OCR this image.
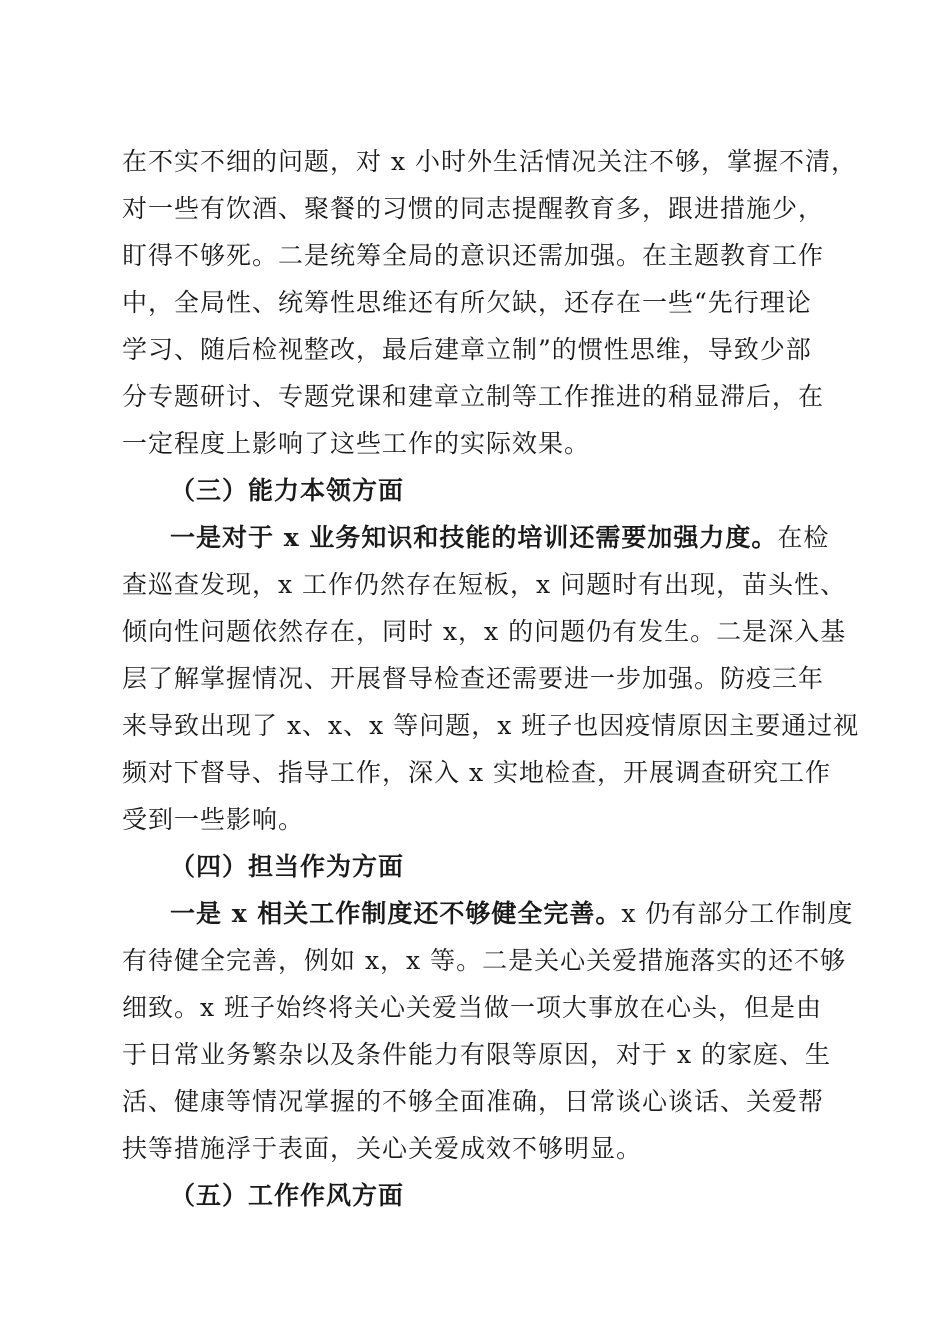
在不实不细的问题，对 x 小时外生活情况关注不够，掌握不清，
对一些有饮酒、聚餐的习惯的同志提醒教育多，跟进措施少，
盯得不够死。二是统筹全局的意识还需加强。在主题教育工作
中，全局性、统筹性思维还有所欠缺，还存在一些“先行理论
学习、随后检视整改，最后建章立制”的惯性思维，导致少部
分专题研讨、专题党课和建章立制等工作推进的稍显滞后，在
一定程度上影响了这些工作的实际效果。
（三）能力本领方面
一是对于 x 业务知识和技能的培训还需要加强力度。在检
查巡查发现，x 工作仍然存在短板，x 问题时有出现，苗头性、
倾向性问题依然存在，同时 x，x 的问题仍有发生。二是深入基
层了解掌握情况、开展督导检查还需要进一步加强。防疫三年
来导致出现了 x、x、x 等问题，x 班子也因疫情原因主要通过视
频对下督导、指导工作，深入 x 实地检查，开展调查研究工作
受到一些影响。
（四）担当作为方面
一是 x 相关工作制度还不够健全完善。x 仍有部分工作制度
有待健全完善，例如 x，x 等。二是关心关爱措施落实的还不够
细致。x 班子始终将关心关爱当做一项大事放在心头，但是由
于日常业务繁杂以及条件能力有限等原因，对于 x 的家庭、生
活、健康等情况掌握的不够全面准确，日常谈心谈话、关爱帮
扶等措施浮于表面，关心关爱成效不够明显。
（五）工作作风方面
